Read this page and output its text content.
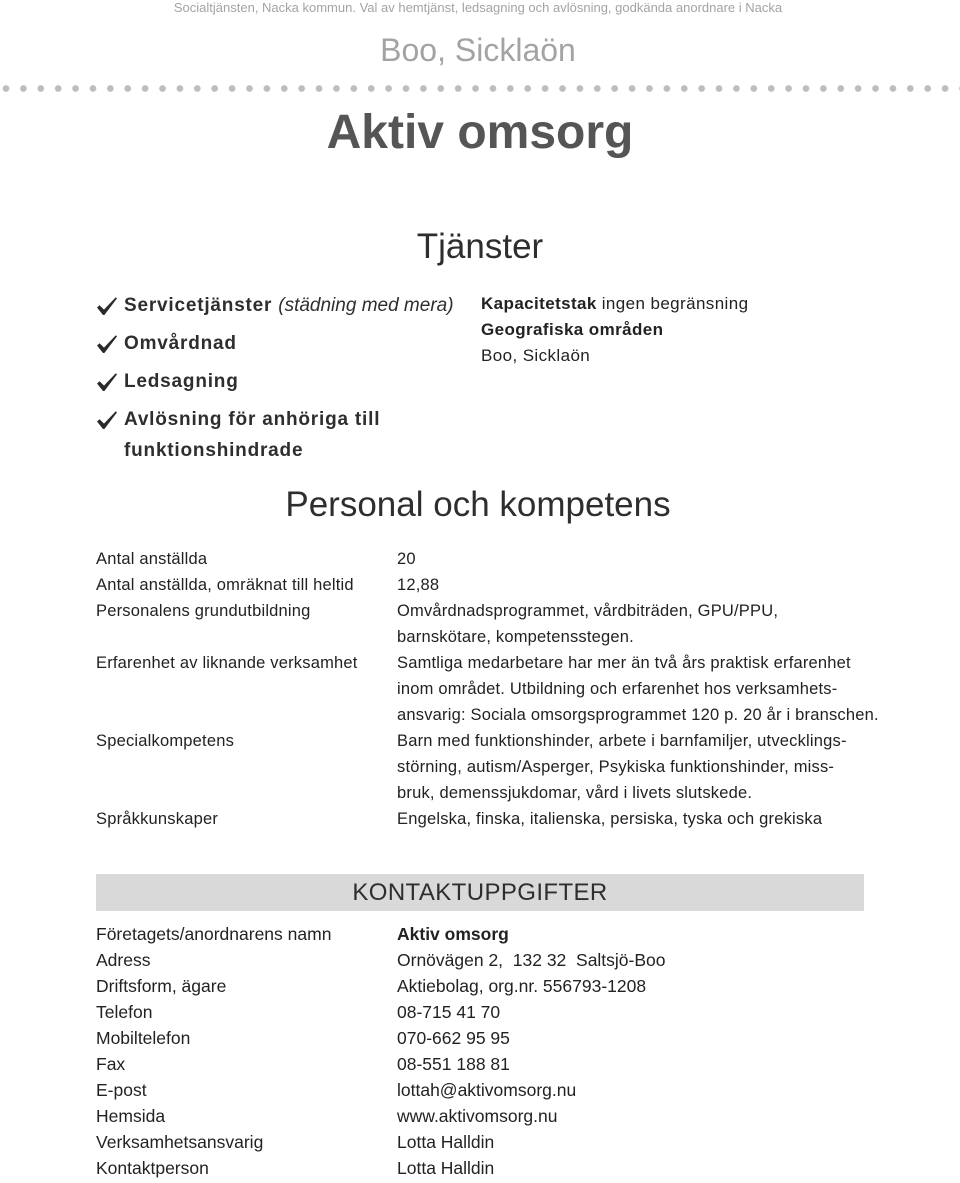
Socialtjänsten, Nacka kommun. Val av hemtjänst, ledsagning och avlösning, godkända anordnare i Nacka
Boo, Sicklaön
Aktiv omsorg
Tjänster
Servicetjänster (städning med mera)
Omvårdnad
Ledsagning
Avlösning för anhöriga till
funktionshindrade
Kapacitetstak ingen begränsning
Geografiska områden
Boo, Sicklaön
Personal och kompetens
Antal anställda	20
Antal anställda, omräknat till heltid	12,88
Personalens grundutbildning	Omvårdnadsprogrammet, vårdbiträden, GPU/PPU,
barnskötare, kompetensstegen.
Erfarenhet av liknande verksamhet	Samtliga medarbetare har mer än två års praktisk erfarenhet
inom området. Utbildning och erfarenhet hos verksamhets-
ansvarig: Sociala omsorgsprogrammet 120 p. 20 år i branschen.
Specialkompetens	Barn med funktionshinder, arbete i barnfamiljer, utvecklings-
störning, autism/Asperger, Psykiska funktionshinder, miss-
bruk, demenssjukdomar, vård i livets slutskede.
Språkkunskaper	Engelska, finska, italienska, persiska, tyska och grekiska
KONTAKTUPPGIFTER
Företagets/anordnarens namn	Aktiv omsorg
Adress	Ornövägen 2,  132 32  Saltsjö-Boo
Driftsform, ägare	Aktiebolag, org.nr. 556793-1208
Telefon	08-715 41 70
Mobiltelefon	070-662 95 95
Fax	08-551 188 81
E-post	lottah@aktivomsorg.nu
Hemsida	www.aktivomsorg.nu
Verksamhetsansvarig	Lotta Halldin
Kontaktperson	Lotta Halldin
